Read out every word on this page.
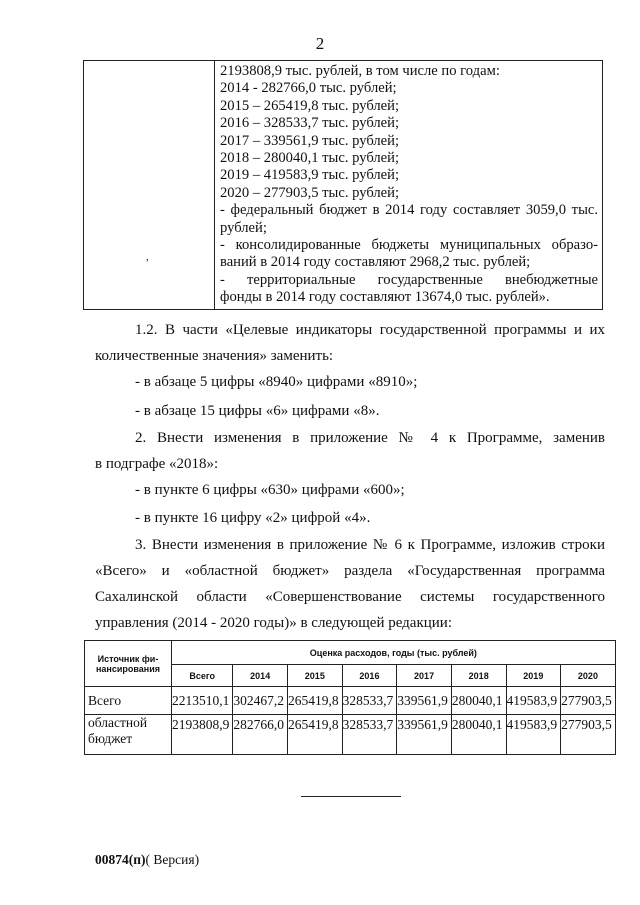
2
,

2193808,9 тыс. рублей, в том числе по годам:
2014 - 282766,0 тыс. рублей;
2015 – 265419,8 тыс. рублей;
2016 – 328533,7 тыс. рублей;
2017 – 339561,9 тыс. рублей;
2018 – 280040,1 тыс. рублей;
2019 – 419583,9 тыс. рублей;
2020 – 277903,5 тыс. рублей;
- федеральный бюджет в 2014 году составляет 3059,0 тыс.
рублей;
- консолидированные бюджеты муниципальных образо-
ваний в 2014 году составляют 2968,2 тыс. рублей;
- территориальные государственные внебюджетные
фонды в 2014 году составляют 13674,0 тыс. рублей».
1.2. В части «Целевые индикаторы государственной программы и их
количественные значения» заменить:
- в абзаце 5 цифры «8940» цифрами «8910»;
- в абзаце 15 цифры «6» цифрами «8».
2. Внести изменения в приложение № 4 к Программе, заменив
в подграфе «2018»:
- в пункте 6 цифры «630» цифрами «600»;
- в пункте 16 цифру «2» цифрой «4».
3. Внести изменения в приложение № 6 к Программе, изложив строки
«Всего» и «областной бюджет» раздела «Государственная программа
Сахалинской области «Совершенствование системы государственного
управления (2014 - 2020 годы)» в следующей редакции:
Источник фи-
нансирования	Оценка расходов, годы (тыс. рублей)							
	Всего	2014	2015	2016	2017	2018	2019	2020
Всего	2213510,1	302467,2	265419,8	328533,7	339561,9	280040,1	419583,9	277903,5

областной
бюджет	2193808,9	282766,0	265419,8	328533,7	339561,9	280040,1	419583,9	277903,5
00874(п)( Версия)
